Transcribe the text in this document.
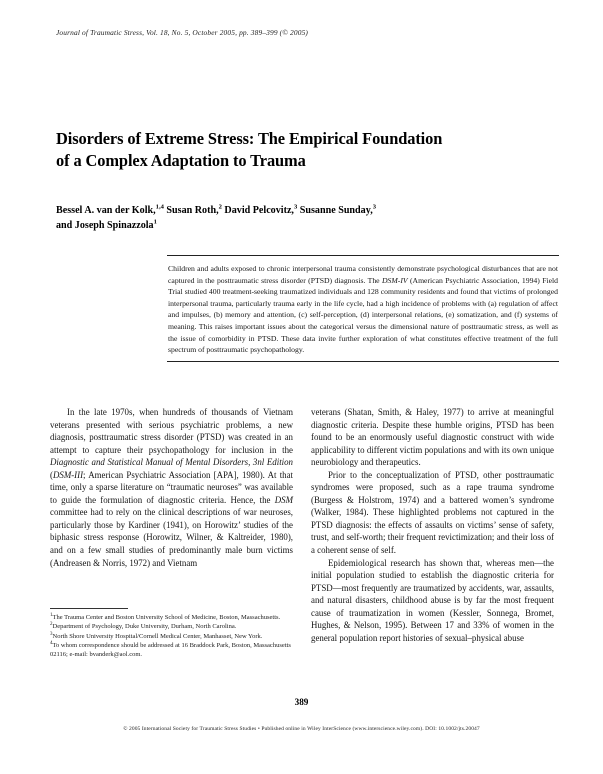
Journal of Traumatic Stress, Vol. 18, No. 5, October 2005, pp. 389–399 (© 2005)
Disorders of Extreme Stress: The Empirical Foundation
of a Complex Adaptation to Trauma
Bessel A. van der Kolk,$^{1,4}$ Susan Roth,$^2$ David Pelcovitz,$^3$ Susanne Sunday,$^3$
and Joseph Spinazzola$^1$
Children and adults exposed to chronic interpersonal trauma consistently demonstrate psychological disturbances that are not captured in the posttraumatic stress disorder (PTSD) diagnosis. The DSM-IV (American Psychiatric Association, 1994) Field Trial studied 400 treatment-seeking traumatized individuals and 128 community residents and found that victims of prolonged interpersonal trauma, particularly trauma early in the life cycle, had a high incidence of problems with (a) regulation of affect and impulses, (b) memory and attention, (c) self-perception, (d) interpersonal relations, (e) somatization, and (f) systems of meaning. This raises important issues about the categorical versus the dimensional nature of posttraumatic stress, as well as the issue of comorbidity in PTSD. These data invite further exploration of what constitutes effective treatment of the full spectrum of posttraumatic psychopathology.

In the late 1970s, when hundreds of thousands of Vietnam veterans presented with serious psychiatric problems, a new diagnosis, posttraumatic stress disorder (PTSD) was created in an attempt to capture their psychopathology for inclusion in the Diagnostic and Statistical Manual of Mental Disorders, 3nl Edition (DSM-III; American Psychiatric Association [APA], 1980). At that time, only a sparse literature on “traumatic neuroses” was available to guide the formulation of diagnostic criteria. Hence, the DSM committee had to rely on the clinical descriptions of war neuroses, particularly those by Kardiner (1941), on Horowitz’ studies of the biphasic stress response (Horowitz, Wilner, & Kaltreider, 1980), and on a few small studies of predominantly male burn victims (Andreasen & Norris, 1972) and Vietnam

veterans (Shatan, Smith, & Haley, 1977) to arrive at meaningful diagnostic criteria. Despite these humble origins, PTSD has been found to be an enormously useful diagnostic construct with wide applicability to different victim populations and with its own unique neurobiology and therapeutics.

Prior to the conceptualization of PTSD, other posttraumatic syndromes were proposed, such as a rape trauma syndrome (Burgess & Holstrom, 1974) and a battered women’s syndrome (Walker, 1984). These highlighted problems not captured in the PTSD diagnosis: the effects of assaults on victims’ sense of safety, trust, and self-worth; their frequent revictimization; and their loss of a coherent sense of self.

Epidemiological research has shown that, whereas men—the initial population studied to establish the diagnostic criteria for PTSD—most frequently are traumatized by accidents, war, assaults, and natural disasters, childhood abuse is by far the most frequent cause of traumatization in women (Kessler, Sonnega, Bromet, Hughes, & Nelson, 1995). Between 17 and 33% of women in the general population report histories of sexual–physical abuse

$^1$The Trauma Center and Boston University School of Medicine, Boston, Massachusetts.
$^2$Department of Psychology, Duke University, Durham, North Carolina.
$^3$North Shore University Hospital/Cornell Medical Center, Manhasset, New York.
$^4$To whom correspondence should be addressed at 16 Braddock Park, Boston, Massachusetts 02116; e-mail: bvanderk@aol.com.
389
© 2005 International Society for Traumatic Stress Studies • Published online in Wiley InterScience (www.interscience.wiley.com). DOI: 10.1002/jts.20047
